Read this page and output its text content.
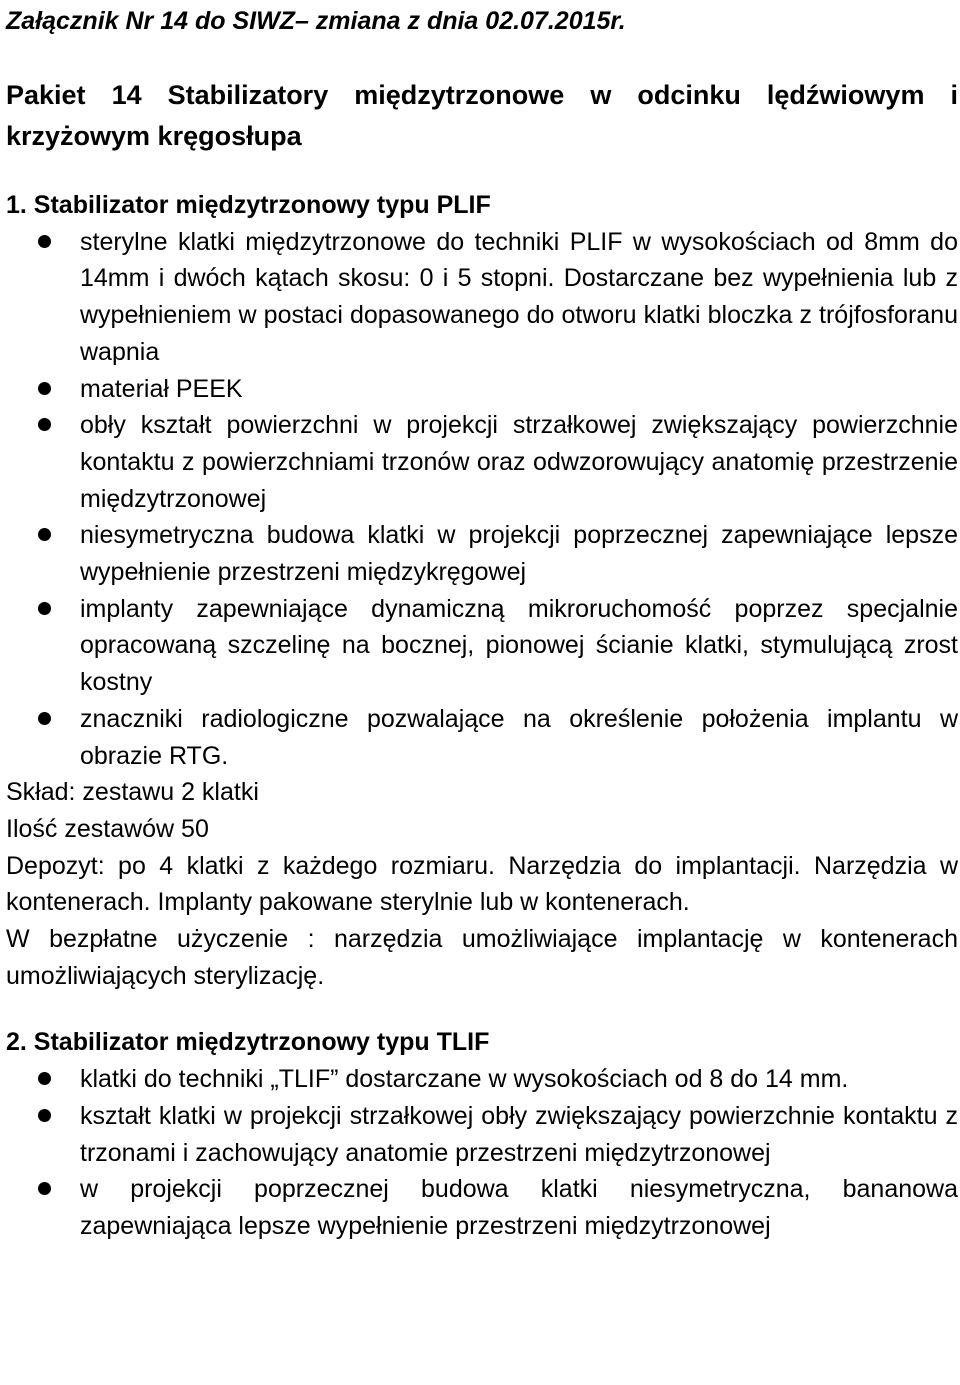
Załącznik Nr 14 do SIWZ– zmiana z dnia 02.07.2015r.

Pakiet 14 Stabilizatory międzytrzonowe w odcinku lędźwiowym i krzyżowym kręgosłupa

1. Stabilizator międzytrzonowy typu PLIF

sterylne klatki międzytrzonowe do techniki PLIF w wysokościach od 8mm do 14mm i dwóch kątach skosu: 0 i 5 stopni. Dostarczane bez wypełnienia lub z wypełnieniem w postaci dopasowanego do otworu klatki bloczka z trójfosforanu wapnia
materiał PEEK
obły kształt powierzchni w projekcji strzałkowej zwiększający powierzchnie kontaktu z powierzchniami trzonów oraz odwzorowujący anatomię przestrzenie międzytrzonowej
niesymetryczna budowa klatki w projekcji poprzecznej zapewniające lepsze wypełnienie przestrzeni międzykręgowej
implanty zapewniające dynamiczną mikroruchomość poprzez specjalnie opracowaną szczelinę na bocznej, pionowej ścianie klatki, stymulującą zrost kostny
znaczniki radiologiczne pozwalające na określenie położenia implantu w obrazie RTG.

Skład: zestawu 2 klatki

Ilość zestawów 50

Depozyt: po 4 klatki z każdego rozmiaru. Narzędzia do implantacji. Narzędzia w kontenerach. Implanty pakowane sterylnie lub w kontenerach.

W bezpłatne użyczenie : narzędzia umożliwiające implantację w kontenerach umożliwiających sterylizację.

2. Stabilizator międzytrzonowy typu TLIF

klatki do techniki „TLIF” dostarczane w wysokościach od 8 do 14 mm.
kształt klatki w projekcji strzałkowej obły zwiększający powierzchnie kontaktu z trzonami i zachowujący anatomie przestrzeni międzytrzonowej
w projekcji poprzecznej budowa klatki niesymetryczna, bananowa zapewniająca lepsze wypełnienie przestrzeni międzytrzonowej
